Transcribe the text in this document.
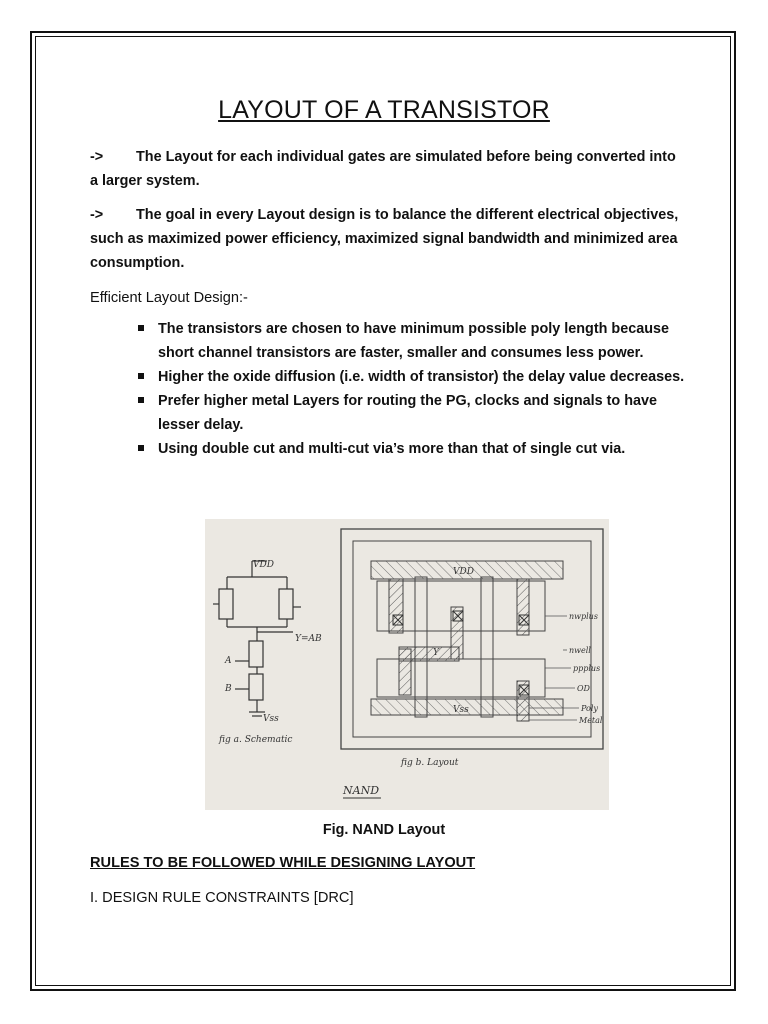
LAYOUT OF A TRANSISTOR
-> The Layout for each individual gates are simulated before being converted into a larger system.
-> The goal in every Layout design is to balance the different electrical objectives, such as maximized power efficiency, maximized signal bandwidth and minimized area consumption.
Efficient Layout Design:-
The transistors are chosen to have minimum possible poly length because short channel transistors are faster, smaller and consumes less power.
Higher the oxide diffusion (i.e. width of transistor) the delay value decreases.
Prefer higher metal Layers for routing the PG, clocks and signals to have lesser delay.
Using double cut and multi-cut via’s more than that of single cut via.
VDD
Y=AB
A
B
Vss
fig a. Schematic
fig b. Layout
NAND
VDD
Vss
Y
nwplus
nwell
ppplus
OD
Poly
Metal
Fig. NAND Layout
RULES TO BE FOLLOWED WHILE DESIGNING LAYOUT
I. DESIGN RULE CONSTRAINTS [DRC]
